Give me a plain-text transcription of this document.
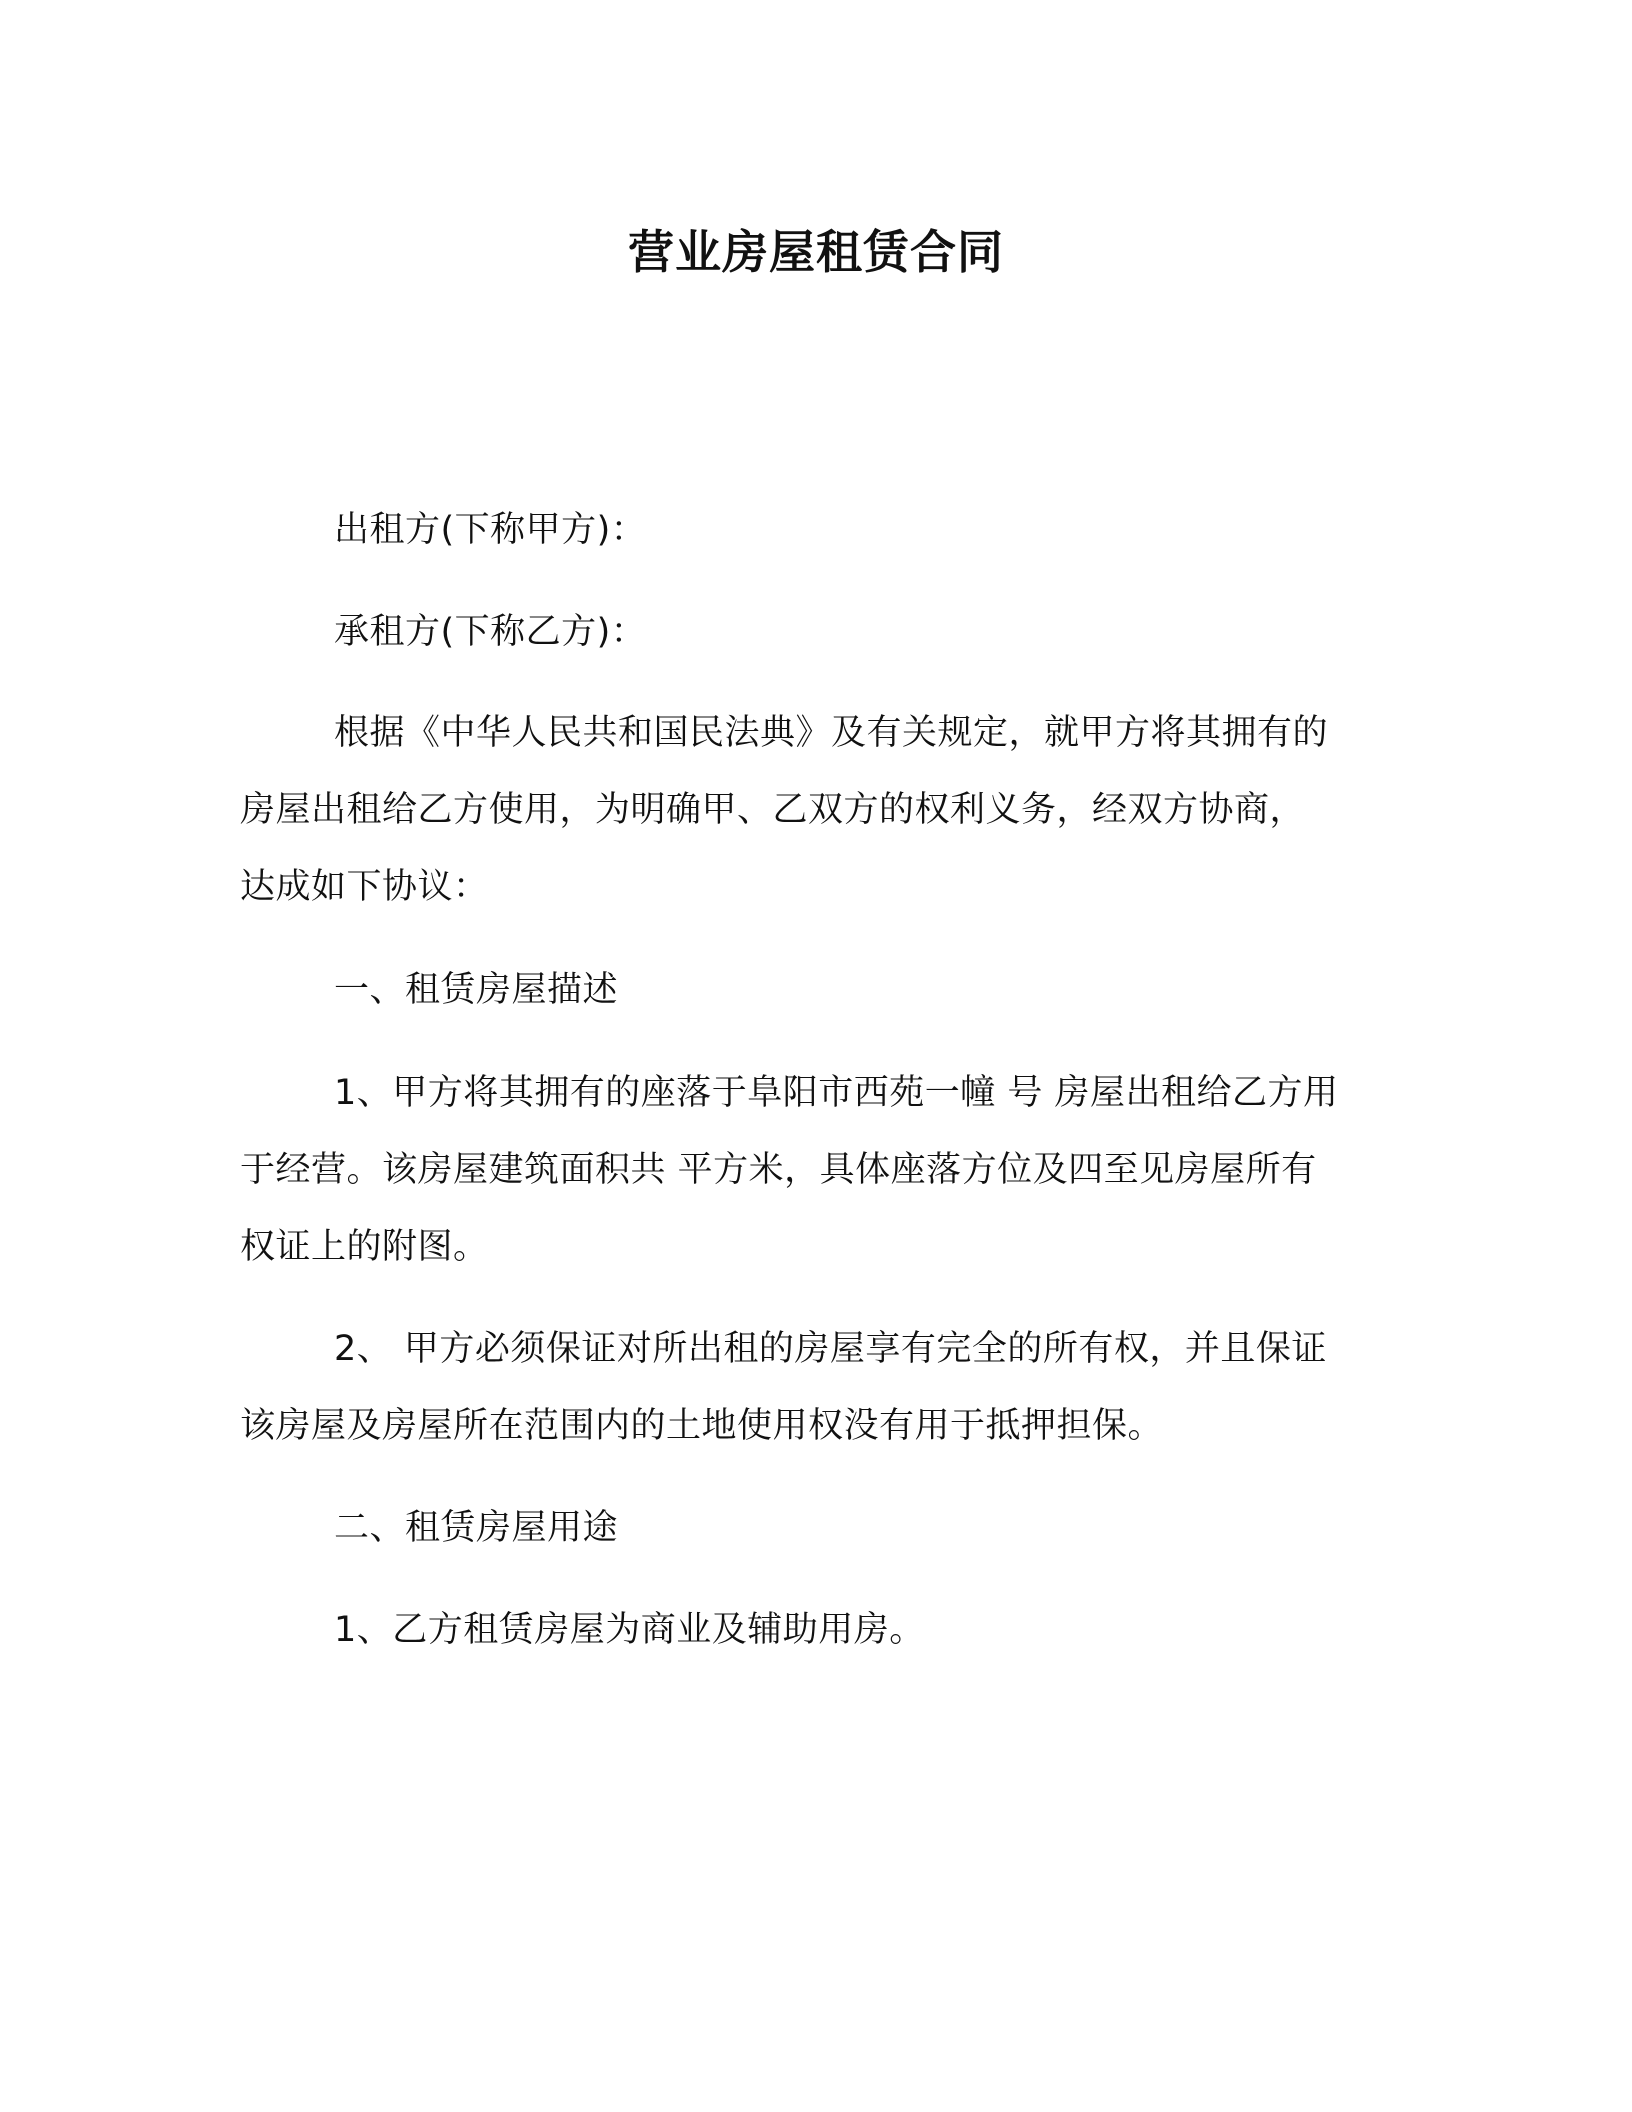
营业房屋租赁合同
出租方(下称甲方)：
承租方(下称乙方)：
根据《中华人民共和国民法典》及有关规定，就甲方将其拥有的
房屋出租给乙方使用，为明确甲、乙双方的权利义务，经双方协商，
达成如下协议：
一、租赁房屋描述
1、甲方将其拥有的座落于阜阳市西苑一幢 号 房屋出租给乙方用
于经营。该房屋建筑面积共 平方米，具体座落方位及四至见房屋所有
权证上的附图。
2、 甲方必须保证对所出租的房屋享有完全的所有权，并且保证
该房屋及房屋所在范围内的土地使用权没有用于抵押担保。
二、租赁房屋用途
1、乙方租赁房屋为商业及辅助用房。
